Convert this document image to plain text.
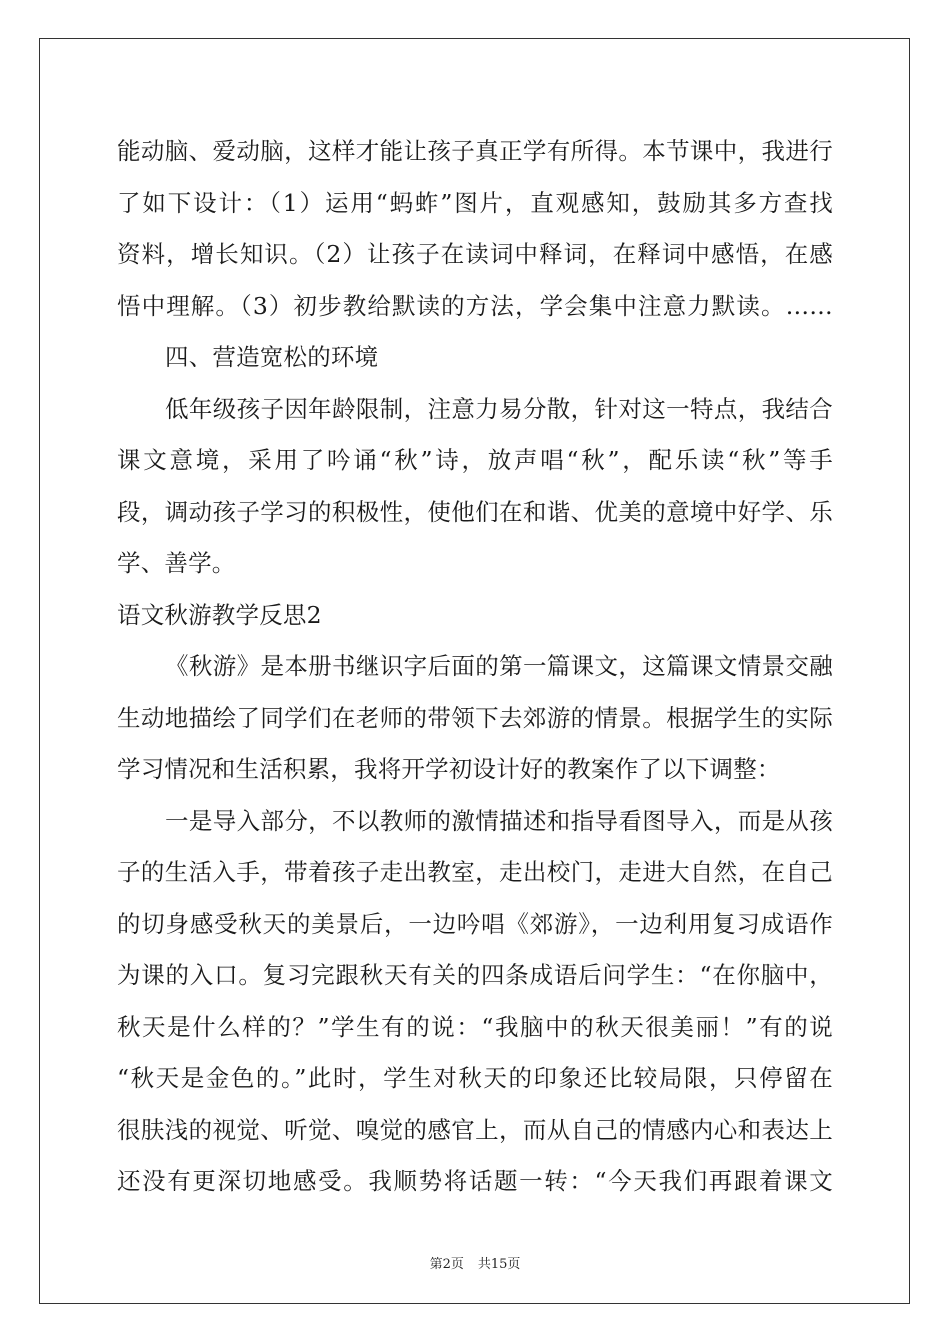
能动脑、爱动脑，这样才能让孩子真正学有所得。本节课中，我进行
了如下设计：（1）运用“蚂蚱”图片，直观感知，鼓励其多方查找
资料，增长知识。（2）让孩子在读词中释词，在释词中感悟，在感
悟中理解。（3）初步教给默读的方法，学会集中注意力默读。……
四、营造宽松的环境
低年级孩子因年龄限制，注意力易分散，针对这一特点，我结合
课文意境，采用了吟诵“秋”诗，放声唱“秋”，配乐读“秋”等手
段，调动孩子学习的积极性，使他们在和谐、优美的意境中好学、乐
学、善学。
语文秋游教学反思2
《秋游》是本册书继识字后面的第一篇课文，这篇课文情景交融
生动地描绘了同学们在老师的带领下去郊游的情景。根据学生的实际
学习情况和生活积累，我将开学初设计好的教案作了以下调整：
一是导入部分，不以教师的激情描述和指导看图导入，而是从孩
子的生活入手，带着孩子走出教室，走出校门，走进大自然，在自己
的切身感受秋天的美景后，一边吟唱《郊游》，一边利用复习成语作
为课的入口。复习完跟秋天有关的四条成语后问学生：“在你脑中，
秋天是什么样的？”学生有的说：“我脑中的秋天很美丽！”有的说
“秋天是金色的。”此时，学生对秋天的印象还比较局限，只停留在
很肤浅的视觉、听觉、嗅觉的感官上，而从自己的情感内心和表达上
还没有更深切地感受。我顺势将话题一转：“今天我们再跟着课文
第2页 共15页
